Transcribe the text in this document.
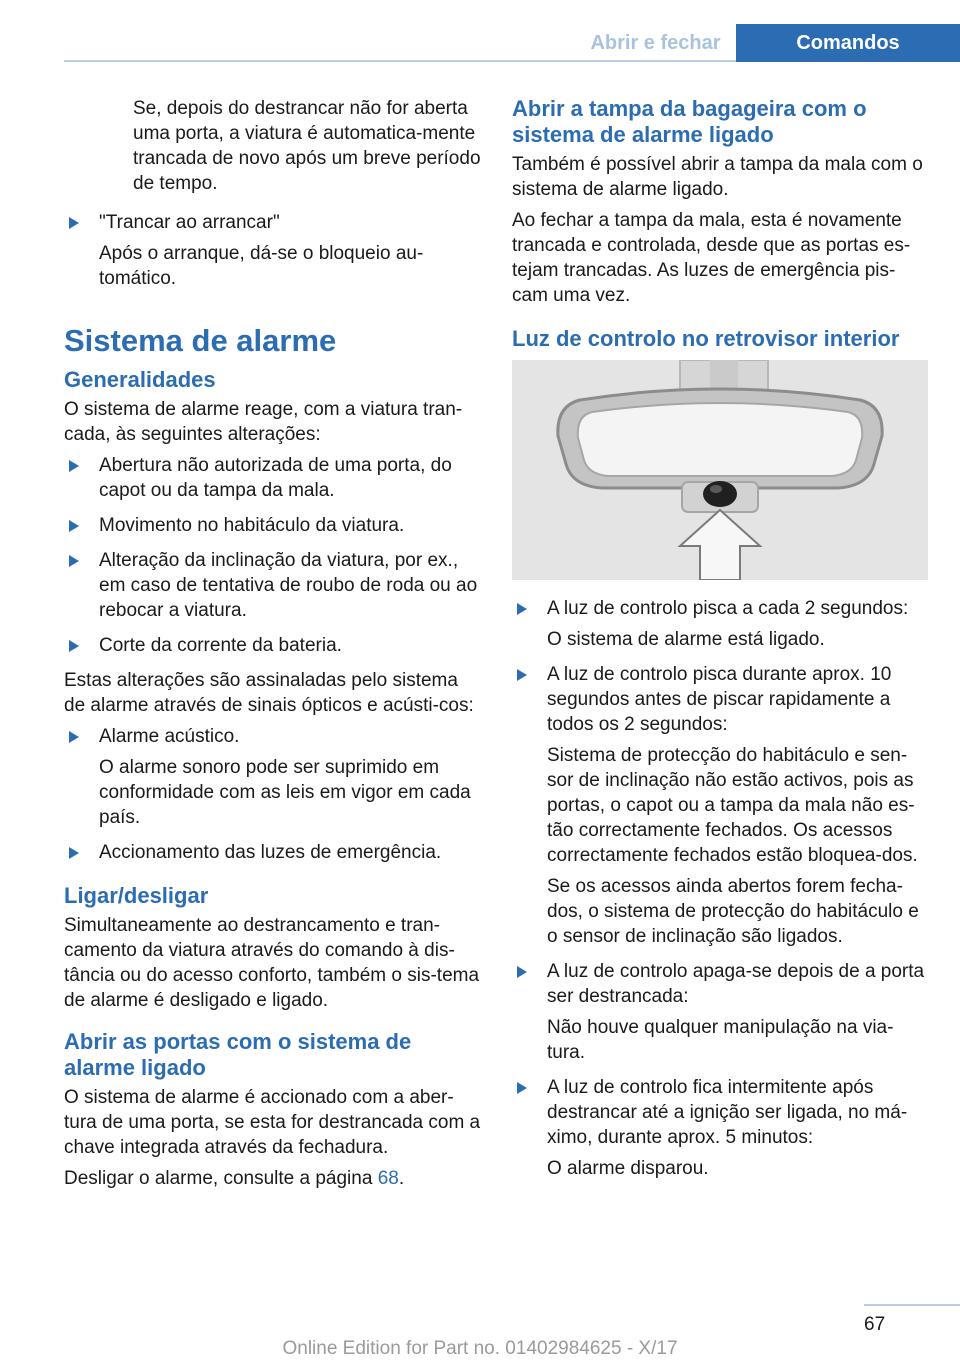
Abrir e fechar	Comandos

Se, depois do destrancar não for aberta uma porta, a viatura é automatica-mente trancada de novo após um breve período de tempo.

"Trancar ao arrancar"
Após o arranque, dá-se o bloqueio au-tomático.
Sistema de alarme
Generalidades

O sistema de alarme reage, com a viatura tran-cada, às seguintes alterações:

Abertura não autorizada de uma porta, do capot ou da tampa da mala.
Movimento no habitáculo da viatura.
Alteração da inclinação da viatura, por ex., em caso de tentativa de roubo de roda ou ao rebocar a viatura.
Corte da corrente da bateria.

Estas alterações são assinaladas pelo sistema de alarme através de sinais ópticos e acústi-cos:

Alarme acústico.
O alarme sonoro pode ser suprimido em conformidade com as leis em vigor em cada país.
Accionamento das luzes de emergência.
Ligar/desligar

Simultaneamente ao destrancamento e tran-camento da viatura através do comando à dis-tância ou do acesso conforto, também o sis-tema de alarme é desligado e ligado.

Abrir as portas com o sistema de alarme ligado

O sistema de alarme é accionado com a aber-tura de uma porta, se esta for destrancada com a chave integrada através da fechadura.

Desligar o alarme, consulte a página 68.

Abrir a tampa da bagageira com o sistema de alarme ligado

Também é possível abrir a tampa da mala com o sistema de alarme ligado.

Ao fechar a tampa da mala, esta é novamente trancada e controlada, desde que as portas es-tejam trancadas. As luzes de emergência pis-cam uma vez.

Luz de controlo no retrovisor interior
A luz de controlo pisca a cada 2 segundos:
O sistema de alarme está ligado.
A luz de controlo pisca durante aprox. 10 segundos antes de piscar rapidamente a todos os 2 segundos:
Sistema de protecção do habitáculo e sen-sor de inclinação não estão activos, pois as portas, o capot ou a tampa da mala não es-tão correctamente fechados. Os acessos correctamente fechados estão bloquea-dos.
Se os acessos ainda abertos forem fecha-dos, o sistema de protecção do habitáculo e o sensor de inclinação são ligados.
A luz de controlo apaga-se depois de a porta ser destrancada:
Não houve qualquer manipulação na via-tura.
A luz de controlo fica intermitente após destrancar até a ignição ser ligada, no má-ximo, durante aprox. 5 minutos:
O alarme disparou.
67
Online Edition for Part no. 01402984625 - X/17
